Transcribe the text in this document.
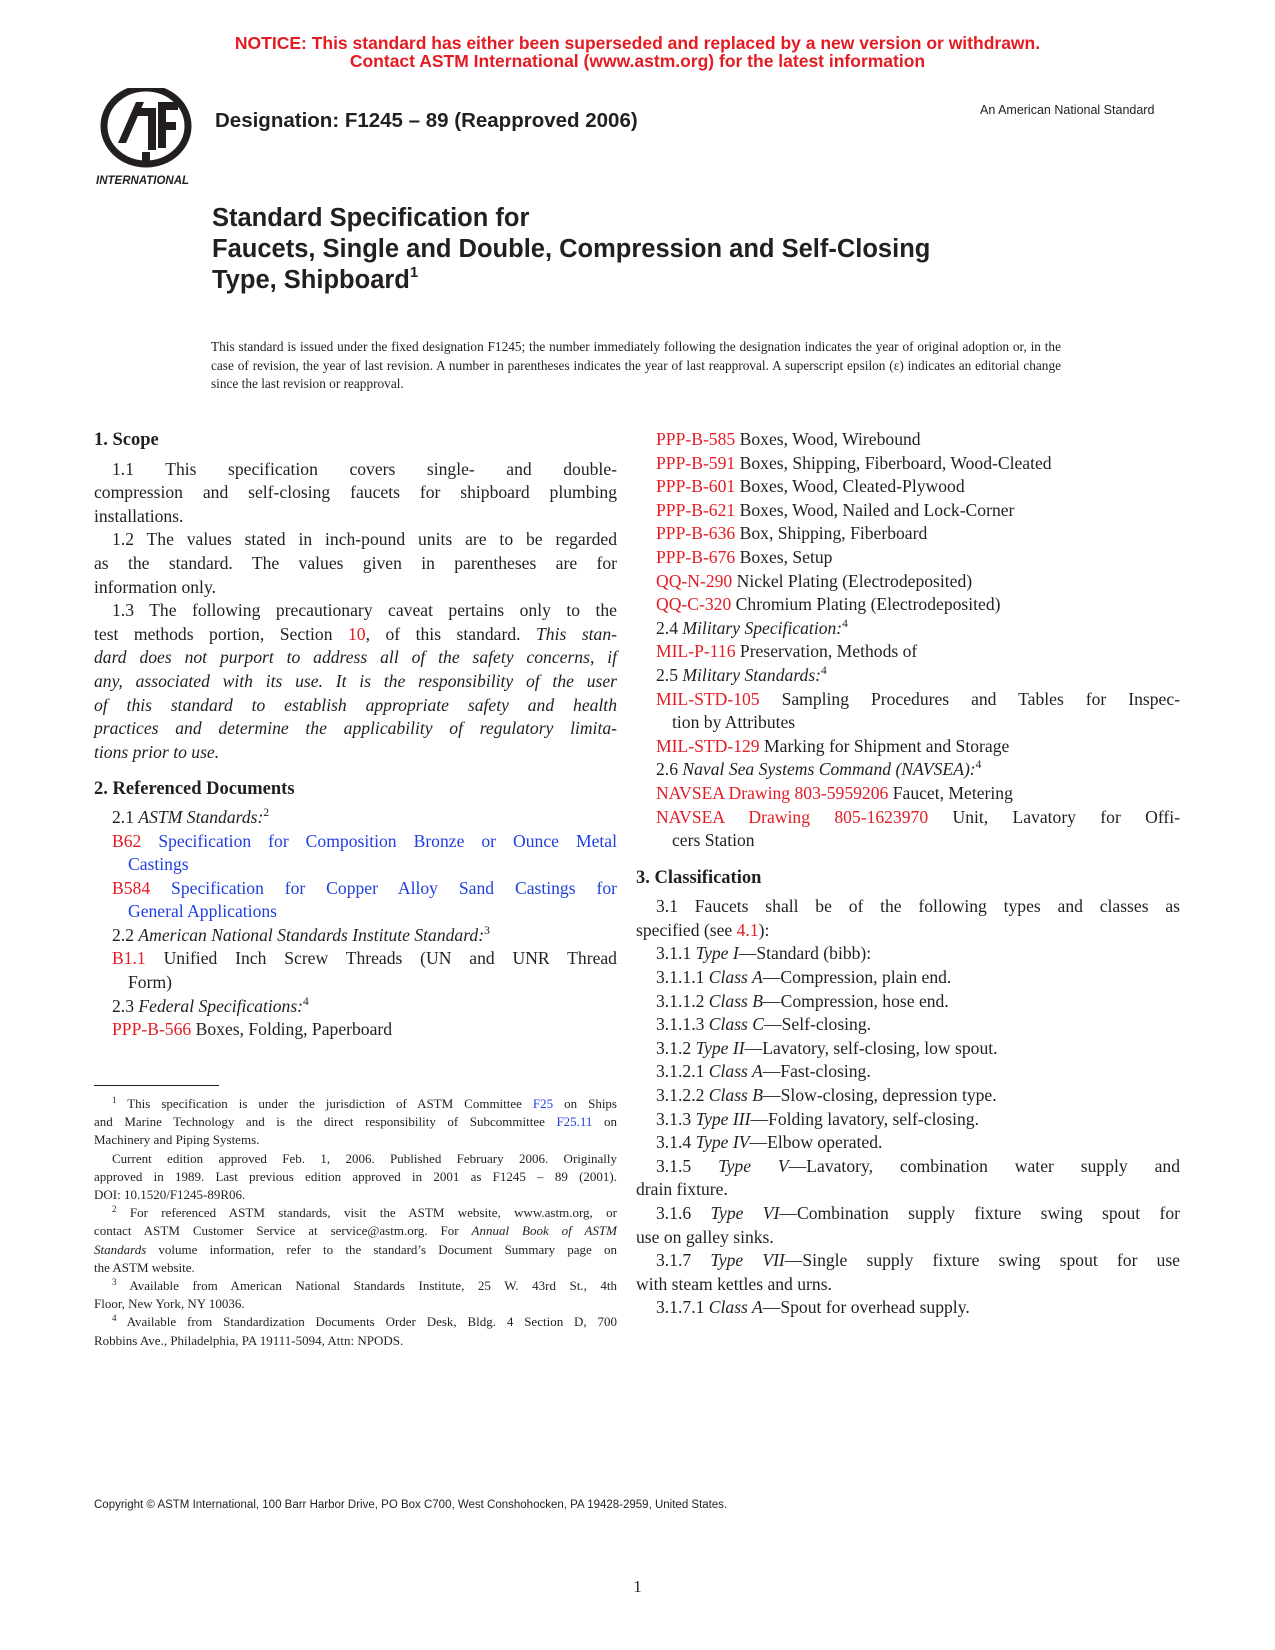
NOTICE: This standard has either been superseded and replaced by a new version or withdrawn.
Contact ASTM International (www.astm.org) for the latest information
INTERNATIONAL
Designation: F1245 – 89 (Reapproved 2006)	An American National Standard
Standard Specification for
Faucets, Single and Double, Compression and Self-Closing
Type, Shipboard$^1$
This standard is issued under the fixed designation F1245; the number immediately following the designation indicates the year of original adoption or, in the case of revision, the year of last revision. A number in parentheses indicates the year of last reapproval. A superscript epsilon (ε) indicates an editorial change since the last revision or reapproval.
1. Scope
1.1 This specification covers single- and double-
compression and self-closing faucets for shipboard plumbing
installations.
1.2 The values stated in inch-pound units are to be regarded
as the standard. The values given in parentheses are for
information only.
1.3 The following precautionary caveat pertains only to the
test methods portion, Section 10, of this standard. This stan-
dard does not purport to address all of the safety concerns, if
any, associated with its use. It is the responsibility of the user
of this standard to establish appropriate safety and health
practices and determine the applicability of regulatory limita-
tions prior to use.
2. Referenced Documents
2.1 ASTM Standards:$^2$
B62 Specification for Composition Bronze or Ounce Metal
Castings
B584 Specification for Copper Alloy Sand Castings for
General Applications
2.2 American National Standards Institute Standard:$^3$
B1.1 Unified Inch Screw Threads (UN and UNR Thread
Form)
2.3 Federal Specifications:$^4$
PPP-B-566 Boxes, Folding, Paperboard
$^1$ This specification is under the jurisdiction of ASTM Committee F25 on Ships
and Marine Technology and is the direct responsibility of Subcommittee F25.11 on
Machinery and Piping Systems.
Current edition approved Feb. 1, 2006. Published February 2006. Originally
approved in 1989. Last previous edition approved in 2001 as F1245 – 89 (2001).
DOI: 10.1520/F1245-89R06.
$^2$ For referenced ASTM standards, visit the ASTM website, www.astm.org, or
contact ASTM Customer Service at service@astm.org. For Annual Book of ASTM
Standards volume information, refer to the standard’s Document Summary page on
the ASTM website.
$^3$ Available from American National Standards Institute, 25 W. 43rd St., 4th
Floor, New York, NY 10036.
$^4$ Available from Standardization Documents Order Desk, Bldg. 4 Section D, 700
Robbins Ave., Philadelphia, PA 19111-5094, Attn: NPODS.
PPP-B-585 Boxes, Wood, Wirebound
PPP-B-591 Boxes, Shipping, Fiberboard, Wood-Cleated
PPP-B-601 Boxes, Wood, Cleated-Plywood
PPP-B-621 Boxes, Wood, Nailed and Lock-Corner
PPP-B-636 Box, Shipping, Fiberboard
PPP-B-676 Boxes, Setup
QQ-N-290 Nickel Plating (Electrodeposited)
QQ-C-320 Chromium Plating (Electrodeposited)
2.4 Military Specification:$^4$
MIL-P-116 Preservation, Methods of
2.5 Military Standards:$^4$
MIL-STD-105 Sampling Procedures and Tables for Inspec-
tion by Attributes
MIL-STD-129 Marking for Shipment and Storage
2.6 Naval Sea Systems Command (NAVSEA):$^4$
NAVSEA Drawing 803-5959206 Faucet, Metering
NAVSEA Drawing 805-1623970 Unit, Lavatory for Offi-
cers Station
3. Classification
3.1 Faucets shall be of the following types and classes as
specified (see 4.1):
3.1.1 Type I—Standard (bibb):
3.1.1.1 Class A—Compression, plain end.
3.1.1.2 Class B—Compression, hose end.
3.1.1.3 Class C—Self-closing.
3.1.2 Type II—Lavatory, self-closing, low spout.
3.1.2.1 Class A—Fast-closing.
3.1.2.2 Class B—Slow-closing, depression type.
3.1.3 Type III—Folding lavatory, self-closing.
3.1.4 Type IV—Elbow operated.
3.1.5 Type V—Lavatory, combination water supply and
drain fixture.
3.1.6 Type VI—Combination supply fixture swing spout for
use on galley sinks.
3.1.7 Type VII—Single supply fixture swing spout for use
with steam kettles and urns.
3.1.7.1 Class A—Spout for overhead supply.
Copyright © ASTM International, 100 Barr Harbor Drive, PO Box C700, West Conshohocken, PA 19428-2959, United States.
1
